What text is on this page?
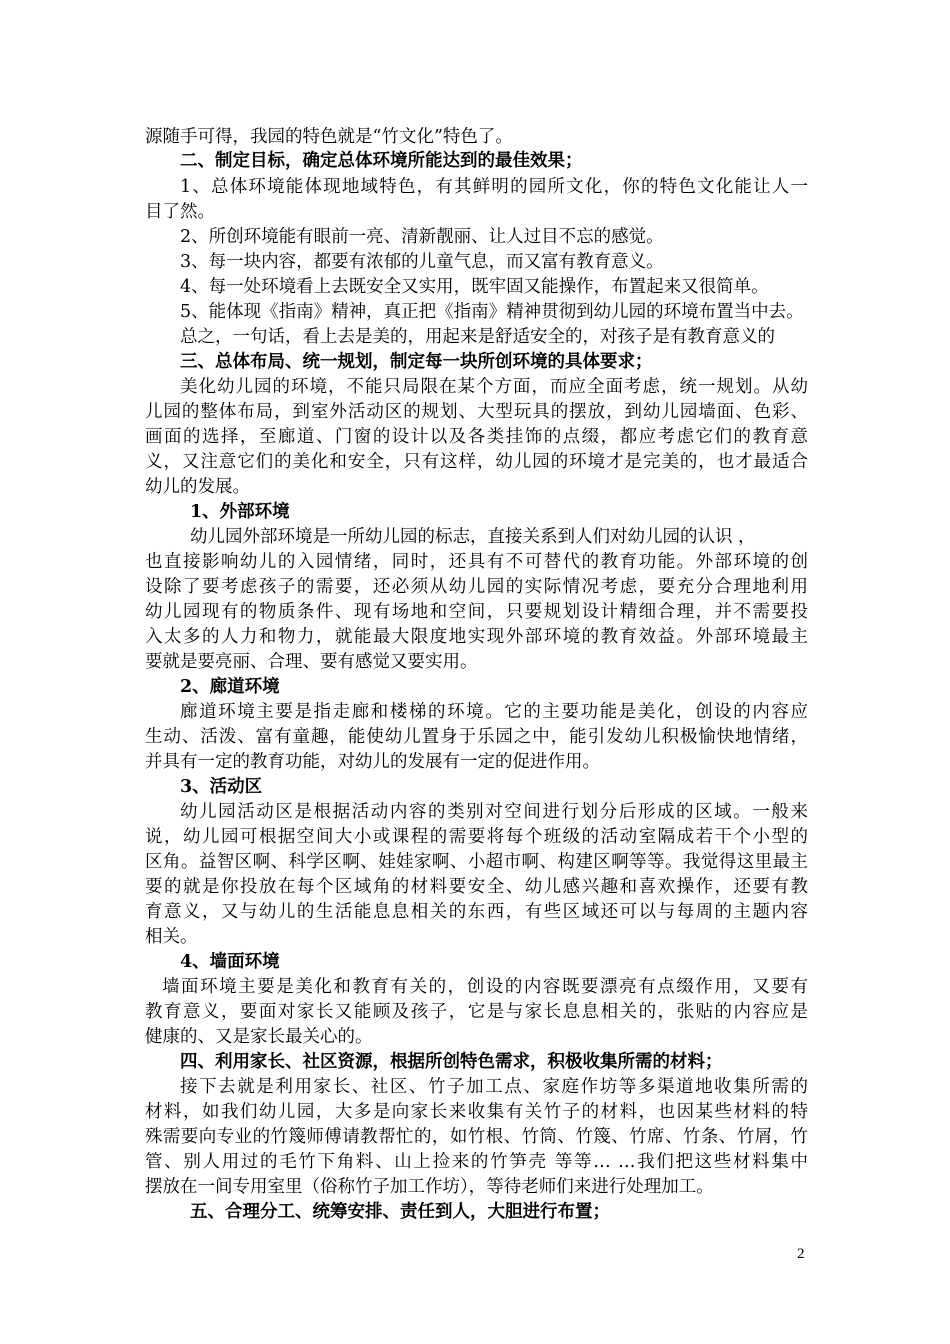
源随手可得，我园的特色就是“竹文化”特色了。
二、制定目标，确定总体环境所能达到的最佳效果；
1、总体环境能体现地域特色，有其鲜明的园所文化，你的特色文化能让人一
目了然。
2、所创环境能有眼前一亮、清新靓丽、让人过目不忘的感觉。
3、每一块内容，都要有浓郁的儿童气息，而又富有教育意义。
4、每一处环境看上去既安全又实用，既牢固又能操作，布置起来又很简单。
5、能体现《指南》精神，真正把《指南》精神贯彻到幼儿园的环境布置当中去。
总之，一句话，看上去是美的，用起来是舒适安全的，对孩子是有教育意义的
三、总体布局、统一规划，制定每一块所创环境的具体要求；
美化幼儿园的环境，不能只局限在某个方面，而应全面考虑，统一规划。从幼
儿园的整体布局，到室外活动区的规划、大型玩具的摆放，到幼儿园墙面、色彩、
画面的选择，至廊道、门窗的设计以及各类挂饰的点缀，都应考虑它们的教育意
义，又注意它们的美化和安全，只有这样，幼儿园的环境才是完美的，也才最适合
幼儿的发展。
1、外部环境
幼儿园外部环境是一所幼儿园的标志，直接关系到人们对幼儿园的认识 ，
也直接影响幼儿的入园情绪，同时，还具有不可替代的教育功能。外部环境的创
设除了要考虑孩子的需要，还必须从幼儿园的实际情况考虑，要充分合理地利用
幼儿园现有的物质条件、现有场地和空间，只要规划设计精细合理，并不需要投
入太多的人力和物力，就能最大限度地实现外部环境的教育效益。外部环境最主
要就是要亮丽、合理、要有感觉又要实用。
2、廊道环境
廊道环境主要是指走廊和楼梯的环境。它的主要功能是美化，创设的内容应
生动、活泼、富有童趣，能使幼儿置身于乐园之中，能引发幼儿积极愉快地情绪，
并具有一定的教育功能，对幼儿的发展有一定的促进作用。
3、活动区
幼儿园活动区是根据活动内容的类别对空间进行划分后形成的区域。一般来
说，幼儿园可根据空间大小或课程的需要将每个班级的活动室隔成若干个小型的
区角。益智区啊、科学区啊、娃娃家啊、小超市啊、构建区啊等等。我觉得这里最主
要的就是你投放在每个区域角的材料要安全、幼儿感兴趣和喜欢操作，还要有教
育意义，又与幼儿的生活能息息相关的东西，有些区域还可以与每周的主题内容
相关。
4、墙面环境
墙面环境主要是美化和教育有关的，创设的内容既要漂亮有点缀作用，又要有
教育意义，要面对家长又能顾及孩子，它是与家长息息相关的，张贴的内容应是
健康的、又是家长最关心的。
四、利用家长、社区资源，根据所创特色需求，积极收集所需的材料；
接下去就是利用家长、社区、竹子加工点、家庭作坊等多渠道地收集所需的
材料，如我们幼儿园，大多是向家长来收集有关竹子的材料，也因某些材料的特
殊需要向专业的竹篾师傅请教帮忙的，如竹根、竹筒、竹篾、竹席、竹条、竹屑，竹
管、别人用过的毛竹下角料、山上捡来的竹笋壳 等等… …我们把这些材料集中
摆放在一间专用室里（俗称竹子加工作坊），等待老师们来进行处理加工。
五、合理分工、统筹安排、责任到人，大胆进行布置；
2
